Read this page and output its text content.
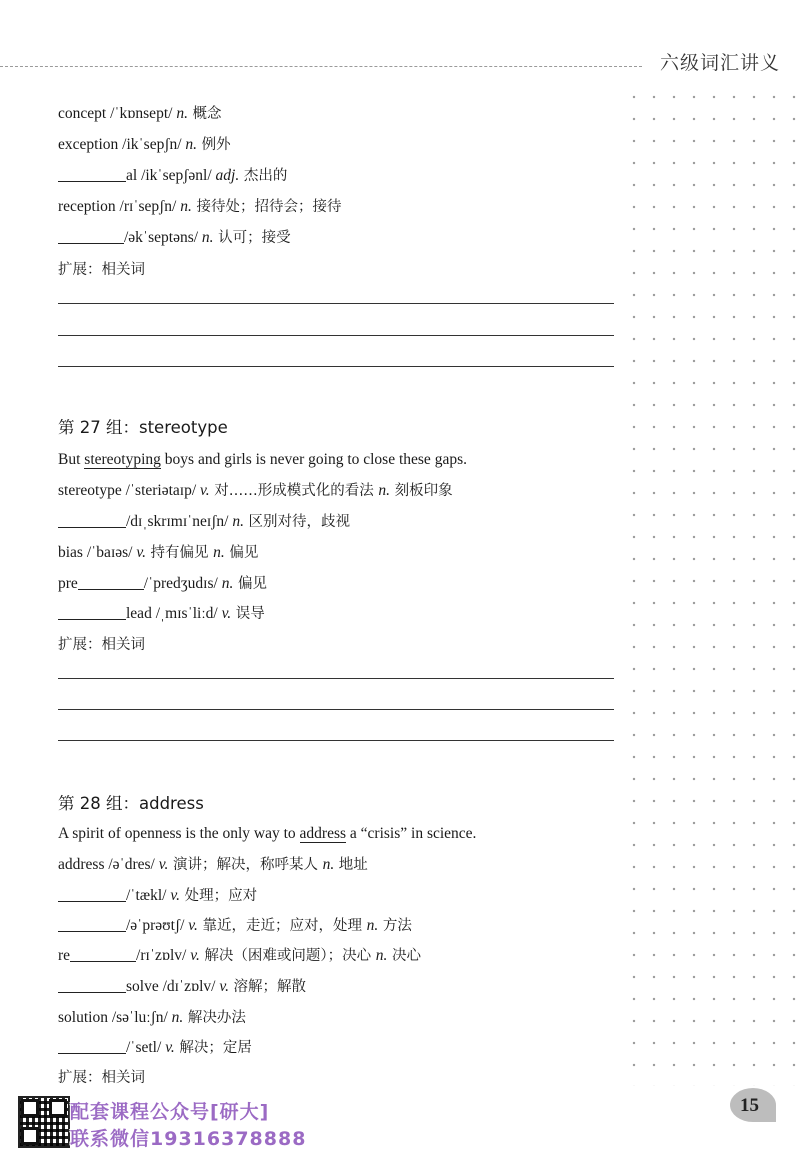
六级词汇讲义
concept /ˈkɒnsept/ n. 概念
exception /ikˈsepʃn/ n. 例外
al /ikˈsepʃənl/ adj. 杰出的
reception /rɪˈsepʃn/ n. 接待处；招待会；接待
/əkˈseptəns/ n. 认可；接受
扩展：相关词
第 27 组：stereotype
But stereotyping boys and girls is never going to close these gaps.
stereotype /ˈsteriətaɪp/ v. 对……形成模式化的看法 n. 刻板印象
/dɪˌskrɪmɪˈneɪʃn/ n. 区别对待，歧视
bias /ˈbaɪəs/ v. 持有偏见 n. 偏见
pre	/ˈpredʒudɪs/ n. 偏见
lead /ˌmɪsˈliːd/ v. 误导
扩展：相关词
第 28 组：address
A spirit of openness is the only way to address a “crisis” in science.
address /əˈdres/ v. 演讲；解决，称呼某人 n. 地址
/ˈtækl/ v. 处理；应对
/əˈprəʊtʃ/ v. 靠近，走近；应对，处理 n. 方法
re	/rɪˈzɒlv/ v. 解决（困难或问题）；决心 n. 决心
solve /dɪˈzɒlv/ v. 溶解；解散
solution /səˈluːʃn/ n. 解决办法
/ˈsetl/ v. 解决；定居
扩展：相关词
配套课程公众号[研大]
联系微信19316378888
15
